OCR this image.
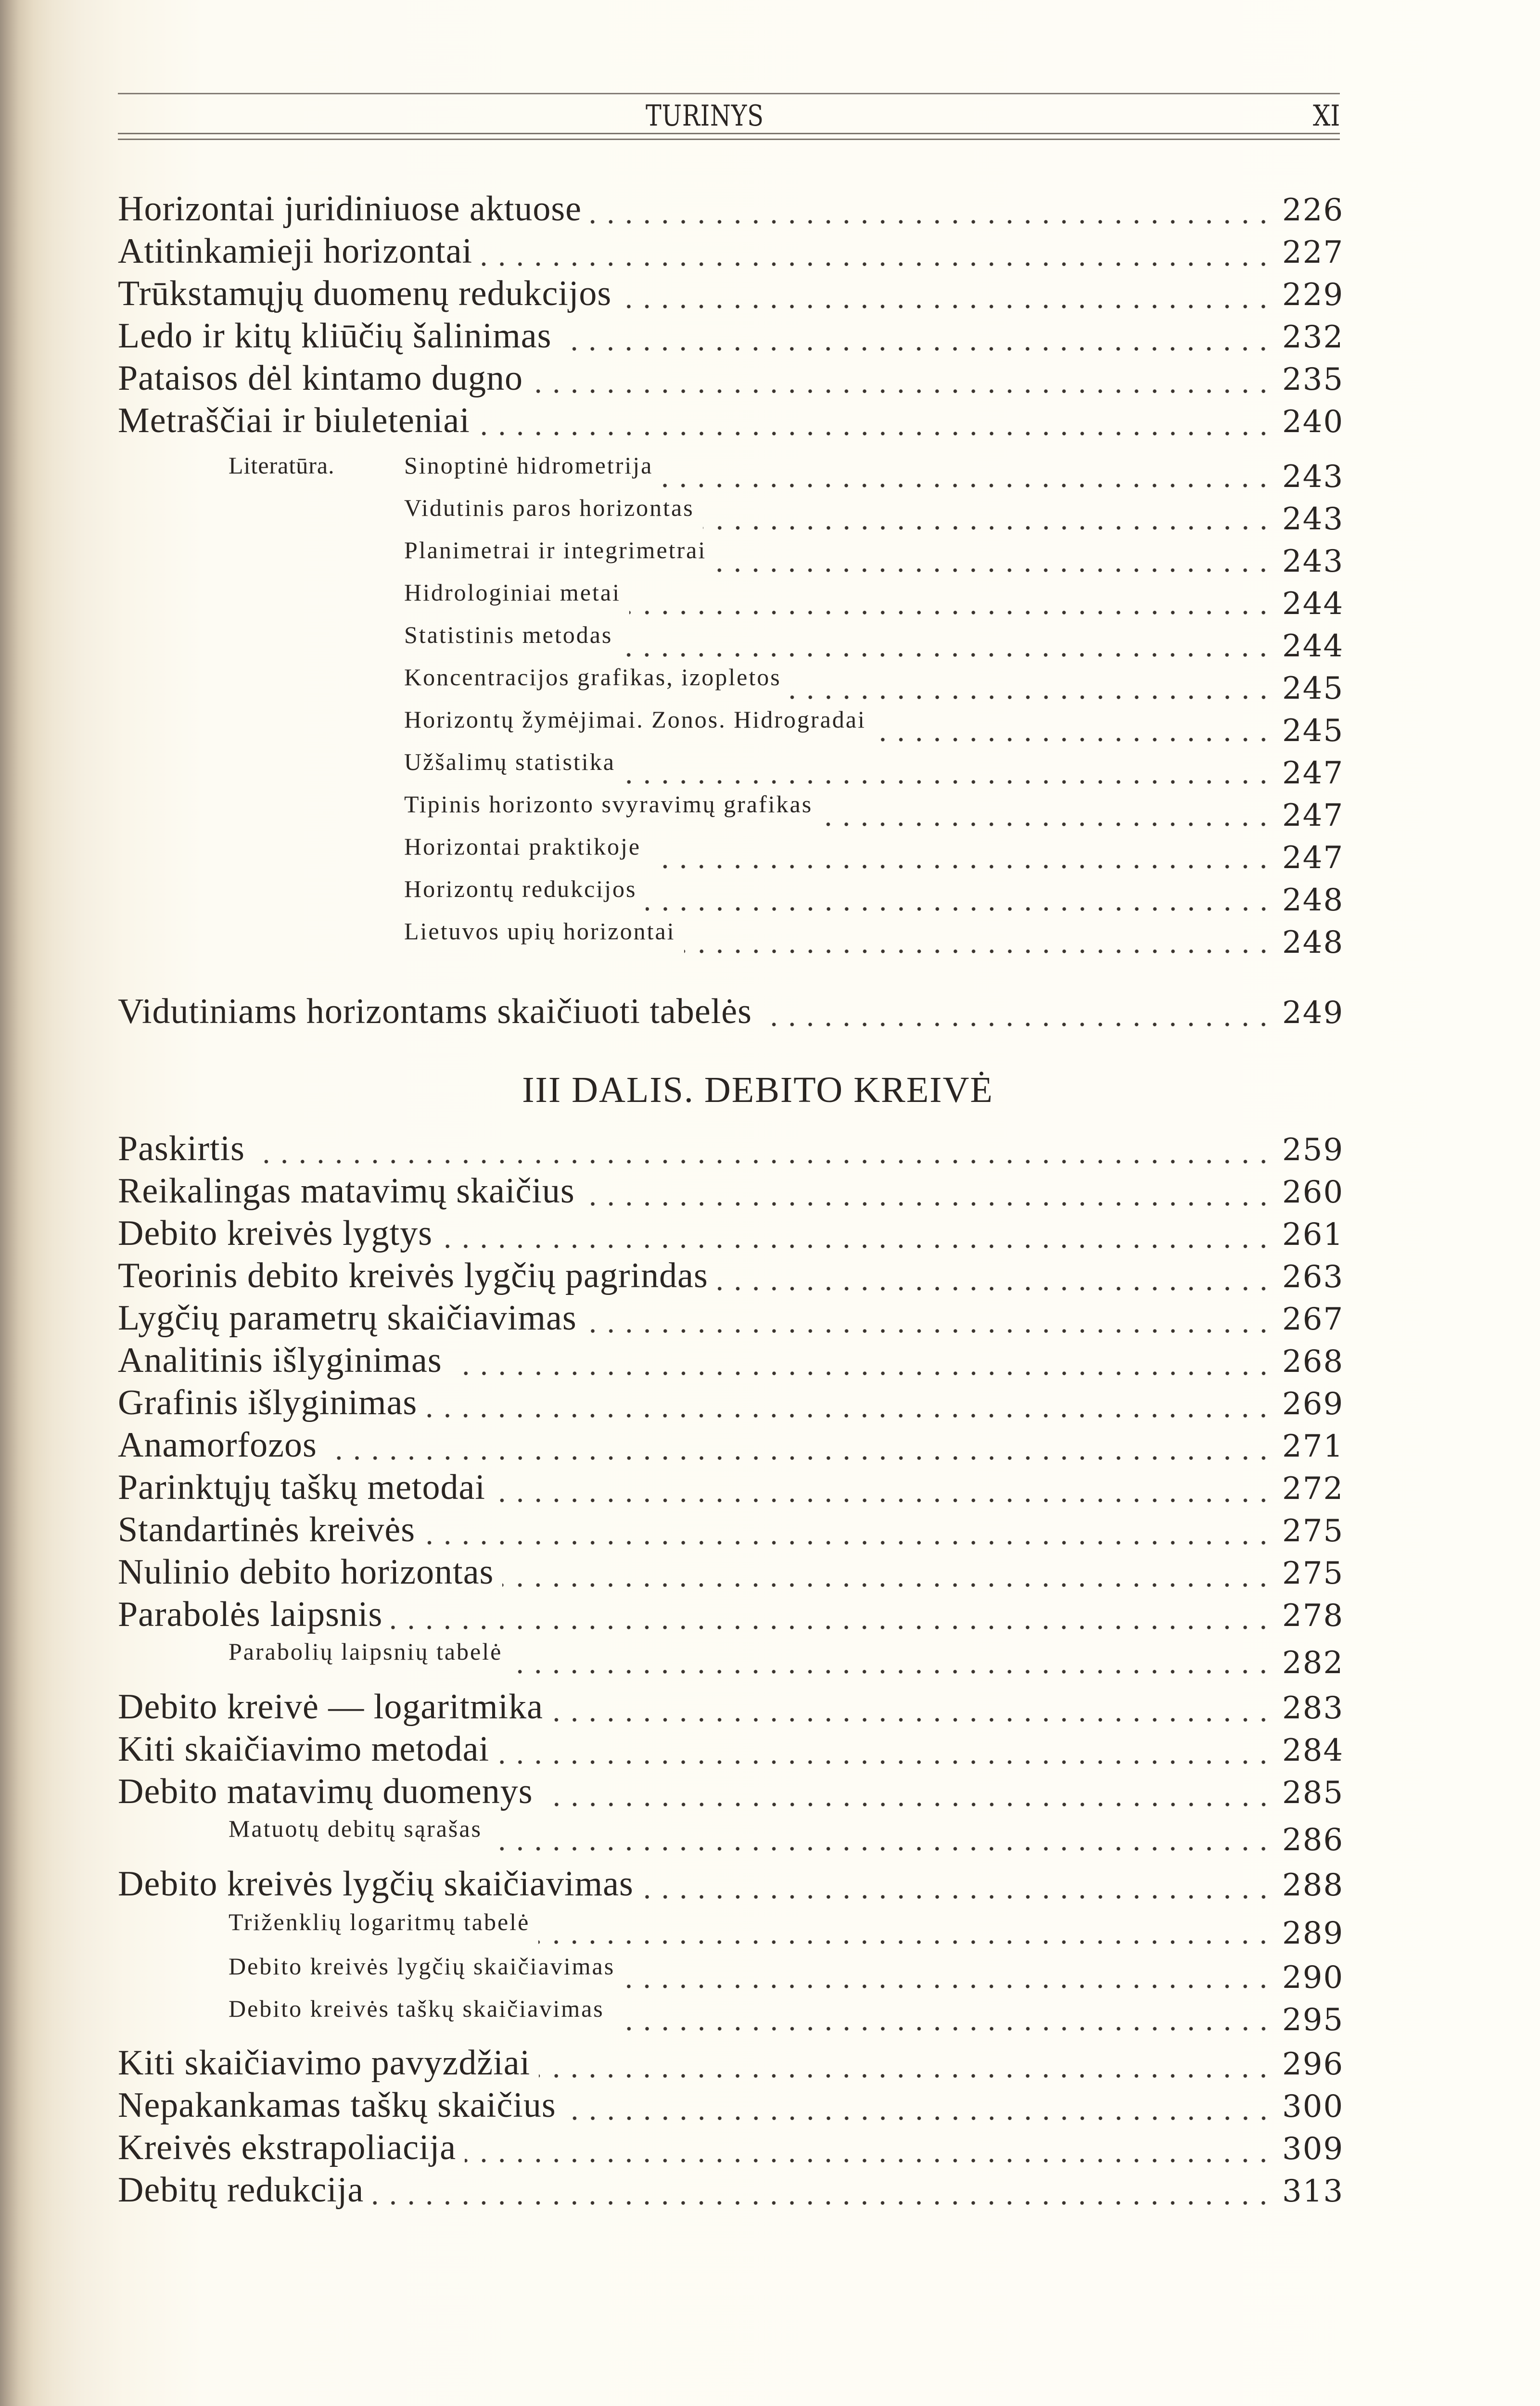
TURINYS	XI
Horizontai juridiniuose aktuose	226
Atitinkamieji horizontai	227
Trūkstamųjų duomenų redukcijos	229
Ledo ir kitų kliūčių šalinimas	232
Pataisos dėl kintamo dugno	235
Metraščiai ir biuleteniai	240
Literatūra.	Sinoptinė hidrometrija	243
Vidutinis paros horizontas	243
Planimetrai ir integrimetrai	243
Hidrologiniai metai	244
Statistinis metodas	244
Koncentracijos grafikas, izopletos	245
Horizontų žymėjimai. Zonos. Hidrogradai	245
Užšalimų statistika	247
Tipinis horizonto svyravimų grafikas	247
Horizontai praktikoje	247
Horizontų redukcijos	248
Lietuvos upių horizontai	248
Vidutiniams horizontams skaičiuoti tabelės	249
III DALIS. DEBITO KREIVĖ
Paskirtis	259
Reikalingas matavimų skaičius	260
Debito kreivės lygtys	261
Teorinis debito kreivės lygčių pagrindas	263
Lygčių parametrų skaičiavimas	267
Analitinis išlyginimas	268
Grafinis išlyginimas	269
Anamorfozos	271
Parinktųjų taškų metodai	272
Standartinės kreivės	275
Nulinio debito horizontas	275
Parabolės laipsnis	278
Parabolių laipsnių tabelė	282
Debito kreivė — logaritmika	283
Kiti skaičiavimo metodai	284
Debito matavimų duomenys	285
Matuotų debitų sąrašas	286
Debito kreivės lygčių skaičiavimas	288
Triženklių logaritmų tabelė	289
Debito kreivės lygčių skaičiavimas	290
Debito kreivės taškų skaičiavimas	295
Kiti skaičiavimo pavyzdžiai	296
Nepakankamas taškų skaičius	300
Kreivės ekstrapoliacija	309
Debitų redukcija	313
